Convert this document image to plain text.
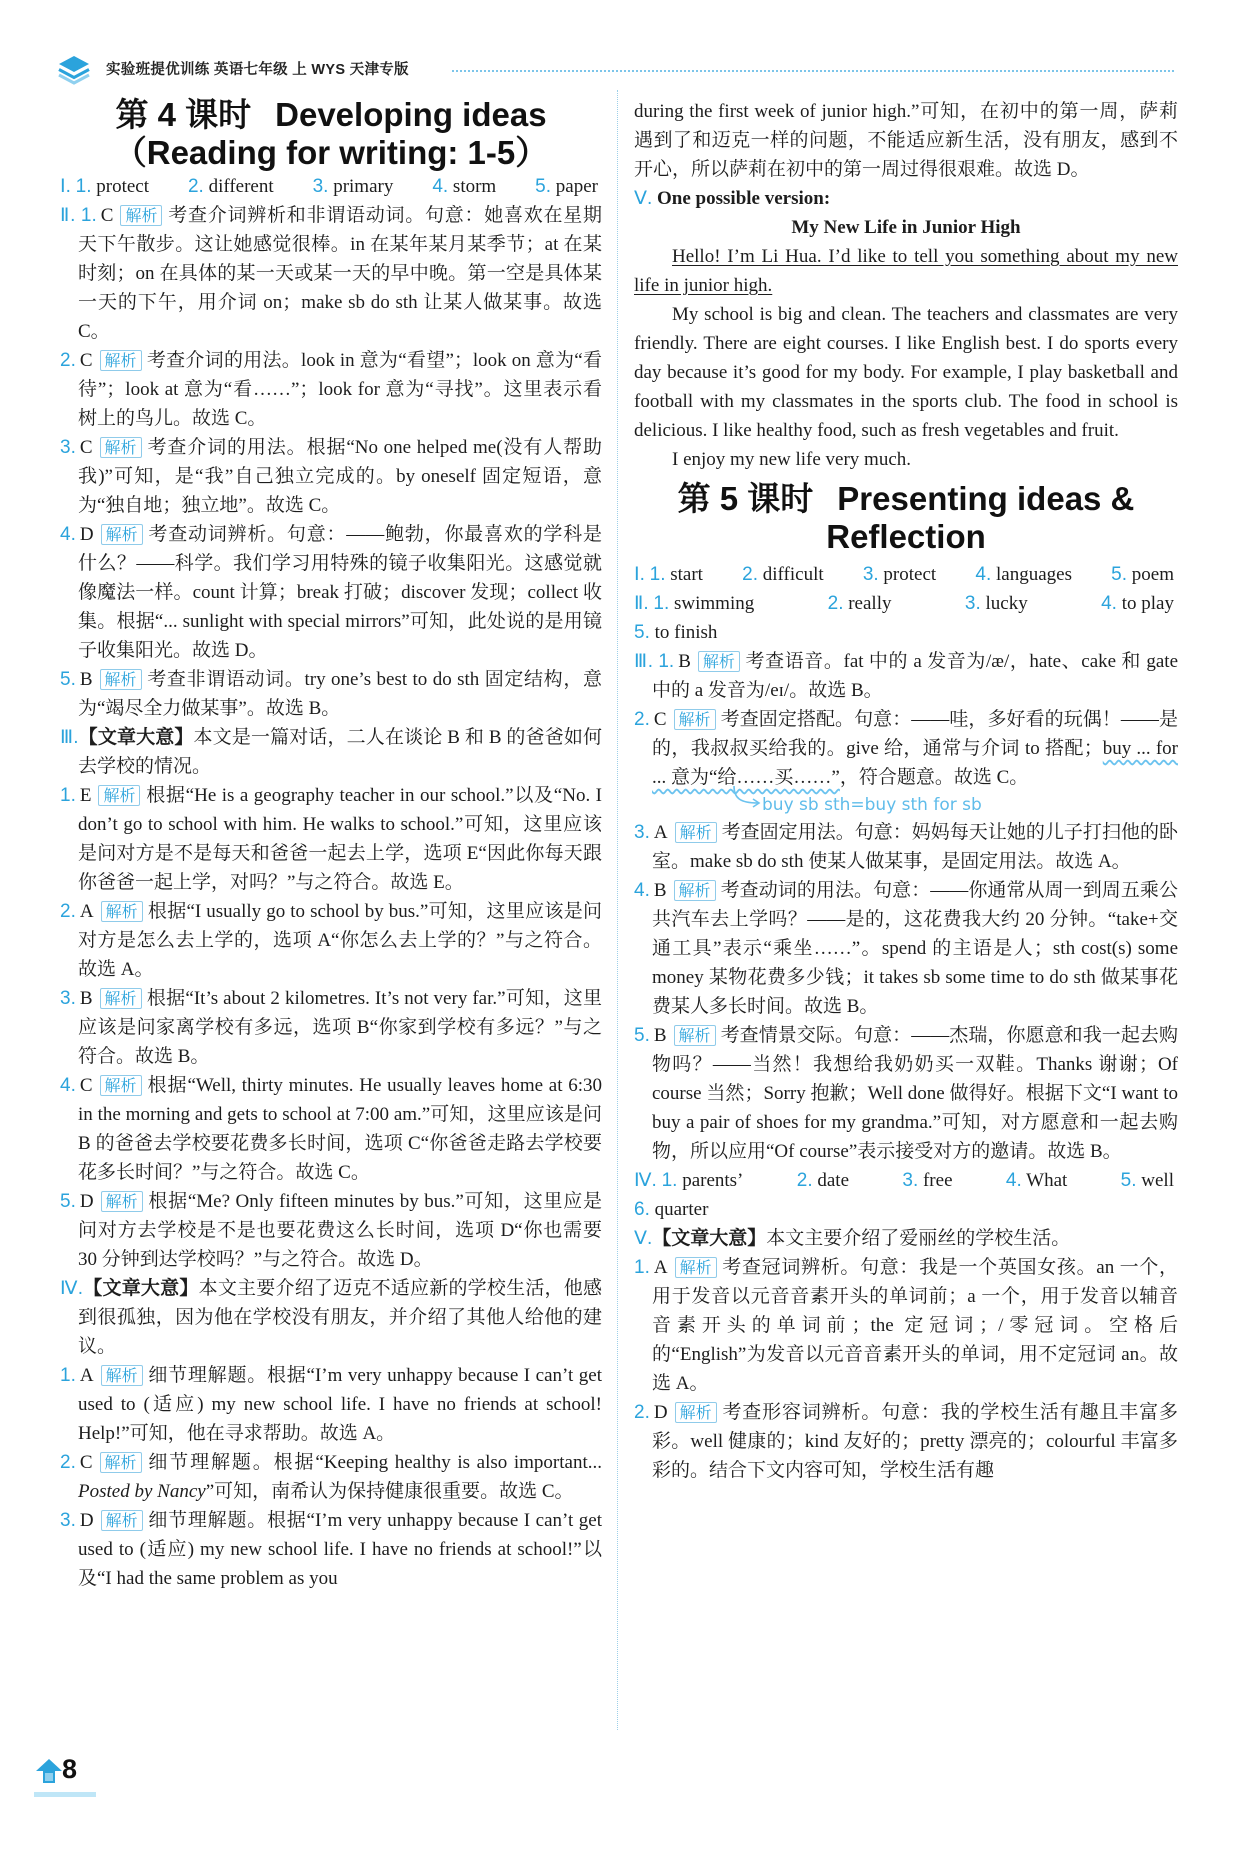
实验班提优训练 英语七年级 上 WYS 天津专版
第 4 课时 Developing ideas
（Reading for writing: 1-5）
Ⅰ. 1. protect 2. different 3. primary 4. storm 5. paper

Ⅱ. 1. C 解析 考查介词辨析和非谓语动词。句意：她喜欢在星期天下午散步。这让她感觉很棒。in 在某年某月某季节；at 在某时刻；on 在具体的某一天或某一天的早中晚。第一空是具体某一天的下午，用介词 on；make sb do sth 让某人做某事。故选 C。

2. C 解析 考查介词的用法。look in 意为“看望”；look on 意为“看待”；look at 意为“看……”；look for 意为“寻找”。这里表示看树上的鸟儿。故选 C。

3. C 解析 考查介词的用法。根据“No one helped me(没有人帮助我)”可知，是“我”自己独立完成的。by oneself 固定短语，意为“独自地；独立地”。故选 C。

4. D 解析 考查动词辨析。句意：——鲍勃，你最喜欢的学科是什么？——科学。我们学习用特殊的镜子收集阳光。这感觉就像魔法一样。count 计算；break 打破；discover 发现；collect 收集。根据“... sunlight with special mirrors”可知，此处说的是用镜子收集阳光。故选 D。

5. B 解析 考查非谓语动词。try one’s best to do sth 固定结构，意为“竭尽全力做某事”。故选 B。

Ⅲ.【文章大意】本文是一篇对话，二人在谈论 B 和 B 的爸爸如何去学校的情况。

1. E 解析 根据“He is a geography teacher in our school.”以及“No. I don’t go to school with him. He walks to school.”可知，这里应该是问对方是不是每天和爸爸一起去上学，选项 E“因此你每天跟你爸爸一起上学，对吗？”与之符合。故选 E。

2. A 解析 根据“I usually go to school by bus.”可知，这里应该是问对方是怎么去上学的，选项 A“你怎么去上学的？”与之符合。故选 A。

3. B 解析 根据“It’s about 2 kilometres. It’s not very far.”可知，这里应该是问家离学校有多远，选项 B“你家到学校有多远？”与之符合。故选 B。

4. C 解析 根据“Well, thirty minutes. He usually leaves home at 6:30 in the morning and gets to school at 7:00 am.”可知，这里应该是问 B 的爸爸去学校要花费多长时间，选项 C“你爸爸走路去学校要花多长时间？”与之符合。故选 C。

5. D 解析 根据“Me? Only fifteen minutes by bus.”可知，这里应是问对方去学校是不是也要花费这么长时间，选项 D“你也需要 30 分钟到达学校吗？”与之符合。故选 D。

Ⅳ.【文章大意】本文主要介绍了迈克不适应新的学校生活，他感到很孤独，因为他在学校没有朋友，并介绍了其他人给他的建议。

1. A 解析 细节理解题。根据“I’m very unhappy because I can’t get used to (适应) my new school life. I have no friends at school! Help!”可知，他在寻求帮助。故选 A。

2. C 解析 细节理解题。根据“Keeping healthy is also important... Posted by Nancy”可知，南希认为保持健康很重要。故选 C。

3. D 解析 细节理解题。根据“I’m very unhappy because I can’t get used to (适应) my new school life. I have no friends at school!”以及“I had the same problem as you

during the first week of junior high.”可知，在初中的第一周，萨莉遇到了和迈克一样的问题，不能适应新生活，没有朋友，感到不开心，所以萨莉在初中的第一周过得很艰难。故选 D。

Ⅴ. One possible version:

My New Life in Junior High

Hello! I’m Li Hua. I’d like to tell you something about my new life in junior high.

My school is big and clean. The teachers and classmates are very friendly. There are eight courses. I like English best. I do sports every day because it’s good for my body. For example, I play basketball and football with my classmates in the sports club. The food in school is delicious. I like healthy food, such as fresh vegetables and fruit.

I enjoy my new life very much.

第 5 课时 Presenting ideas &
Reflection
Ⅰ. 1. start 2. difficult 3. protect 4. languages 5. poem
Ⅱ. 1. swimming	2. really	3. lucky	4. to play
5. to finish

Ⅲ. 1. B 解析 考查语音。fat 中的 a 发音为/æ/，hate、cake 和 gate 中的 a 发音为/eɪ/。故选 B。

2. C 解析 考查固定搭配。句意：——哇，多好看的玩偶！——是的，我叔叔买给我的。give 给，通常与介词 to 搭配；buy ... for ... 意为“给……买……”，符合题意。故选 C。

buy sb sth=buy sth for sb

3. A 解析 考查固定用法。句意：妈妈每天让她的儿子打扫他的卧室。make sb do sth 使某人做某事，是固定用法。故选 A。

4. B 解析 考查动词的用法。句意：——你通常从周一到周五乘公共汽车去上学吗？——是的，这花费我大约 20 分钟。“take+交通工具”表示“乘坐……”。spend 的主语是人；sth cost(s) some money 某物花费多少钱；it takes sb some time to do sth 做某事花费某人多长时间。故选 B。

5. B 解析 考查情景交际。句意：——杰瑞，你愿意和我一起去购物吗？——当然！我想给我奶奶买一双鞋。Thanks 谢谢；Of course 当然；Sorry 抱歉；Well done 做得好。根据下文“I want to buy a pair of shoes for my grandma.”可知，对方愿意和一起去购物，所以应用“Of course”表示接受对方的邀请。故选 B。

Ⅳ. 1. parents’	2. date	3. free	4. What	5. well
6. quarter

Ⅴ.【文章大意】本文主要介绍了爱丽丝的学校生活。

1. A 解析 考查冠词辨析。句意：我是一个英国女孩。an 一个，用于发音以元音音素开头的单词前；a 一个，用于发音以辅音音素开头的单词前；the 定冠词；/零冠词。空格后的“English”为发音以元音音素开头的单词，用不定冠词 an。故选 A。

2. D 解析 考查形容词辨析。句意：我的学校生活有趣且丰富多彩。well 健康的；kind 友好的；pretty 漂亮的；colourful 丰富多彩的。结合下文内容可知，学校生活有趣

8
